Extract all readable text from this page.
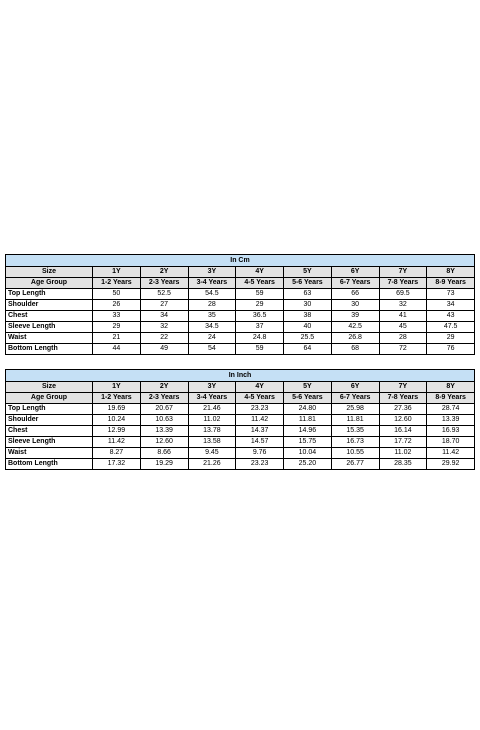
In Cm								
Size	1Y	2Y	3Y	4Y	5Y	6Y	7Y	8Y
Age Group	1-2 Years	2-3 Years	3-4 Years	4-5 Years	5-6 Years	6-7 Years	7-8 Years	8-9 Years
Top Length	50	52.5	54.5	59	63	66	69.5	73
Shoulder	26	27	28	29	30	30	32	34
Chest	33	34	35	36.5	38	39	41	43
Sleeve Length	29	32	34.5	37	40	42.5	45	47.5
Waist	21	22	24	24.8	25.5	26.8	28	29
Bottom Length	44	49	54	59	64	68	72	76
In Inch								
Size	1Y	2Y	3Y	4Y	5Y	6Y	7Y	8Y
Age Group	1-2 Years	2-3 Years	3-4 Years	4-5 Years	5-6 Years	6-7 Years	7-8 Years	8-9 Years
Top Length	19.69	20.67	21.46	23.23	24.80	25.98	27.36	28.74
Shoulder	10.24	10.63	11.02	11.42	11.81	11.81	12.60	13.39
Chest	12.99	13.39	13.78	14.37	14.96	15.35	16.14	16.93
Sleeve Length	11.42	12.60	13.58	14.57	15.75	16.73	17.72	18.70
Waist	8.27	8.66	9.45	9.76	10.04	10.55	11.02	11.42
Bottom Length	17.32	19.29	21.26	23.23	25.20	26.77	28.35	29.92
